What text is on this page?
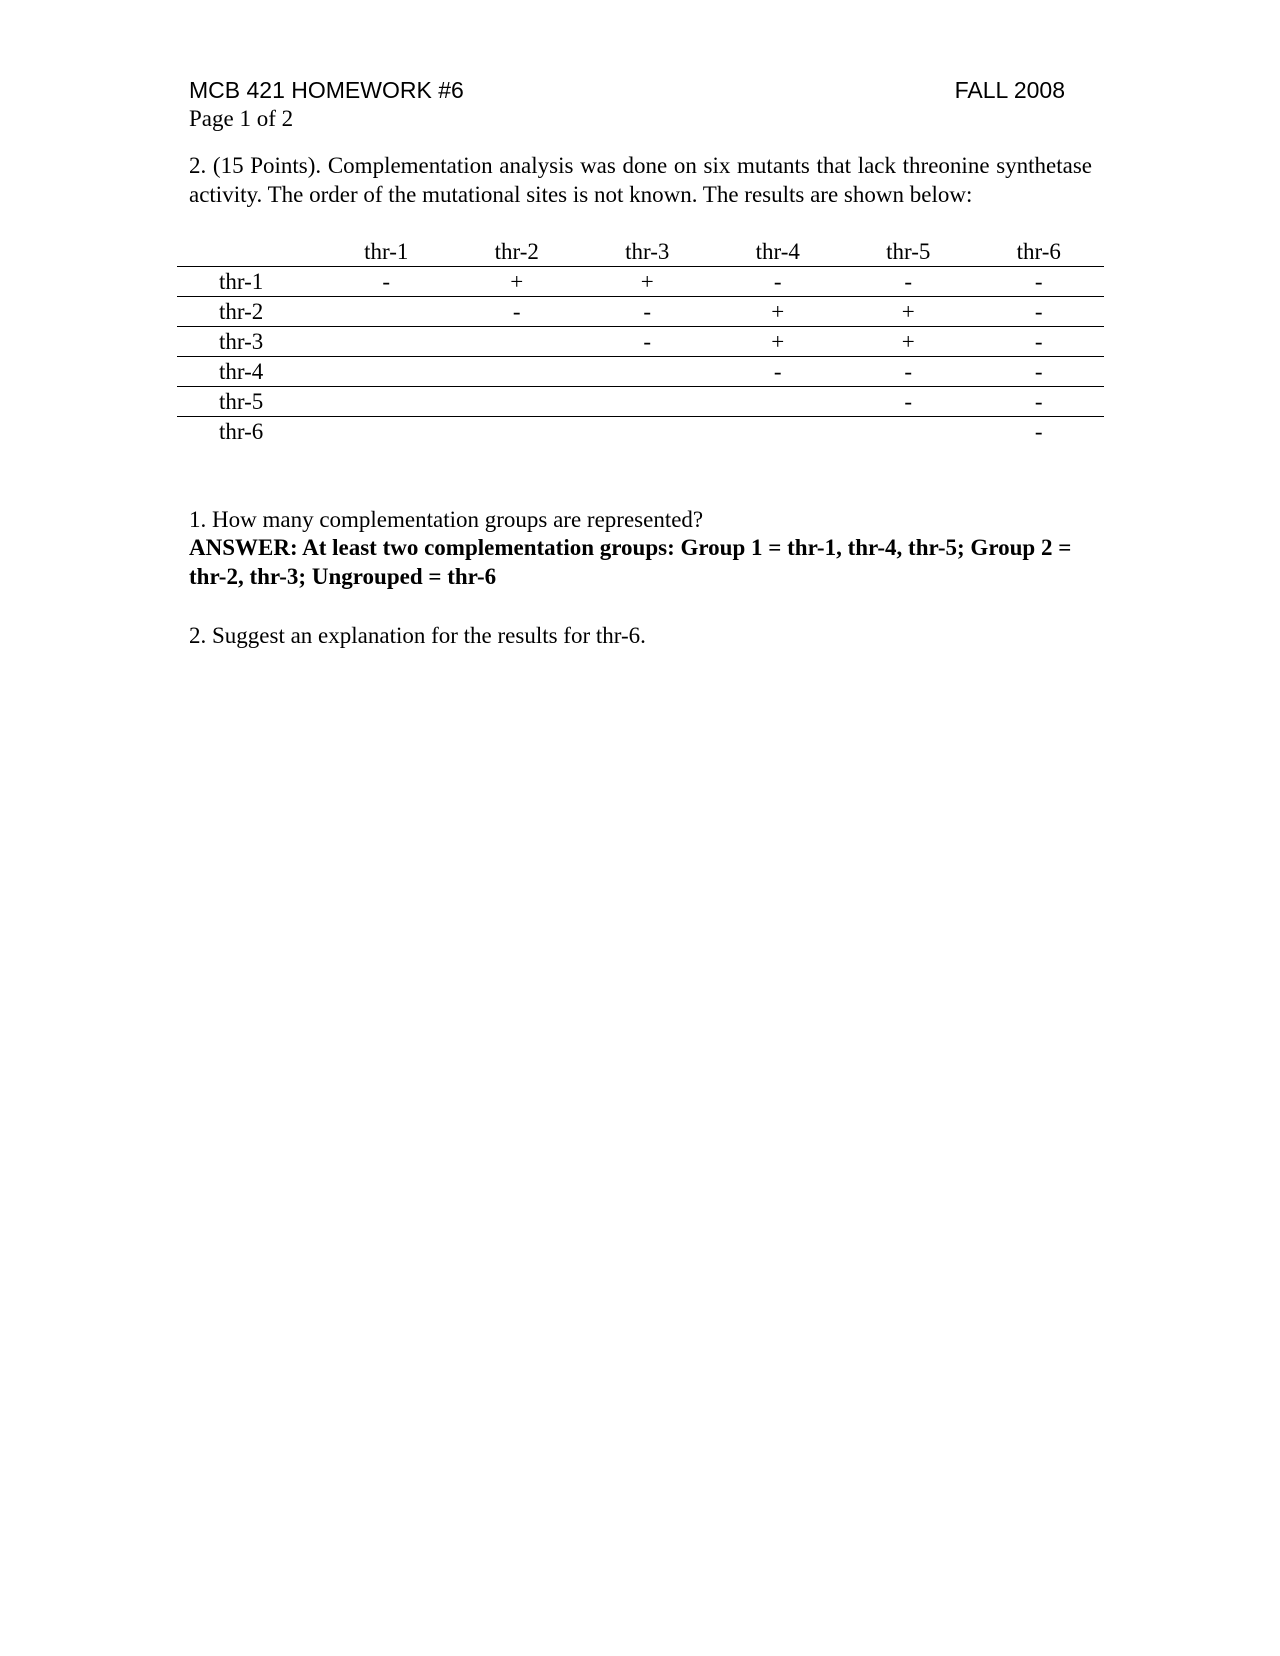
MCB 421 HOMEWORK #6	FALL 2008
Page 1 of 2

2. (15 Points). Complementation analysis was done on six mutants that lack threonine synthetase activity. The order of the mutational sites is not known. The results are shown below:

	thr-1	thr-2	thr-3	thr-4	thr-5	thr-6
thr-1	-	+	+	-	-	-
thr-2		-	-	+	+	-
thr-3			-	+	+	-
thr-4				-	-	-
thr-5					-	-
thr-6						-

1. How many complementation groups are represented?

ANSWER: At least two complementation groups: Group 1 = thr-1, thr-4, thr-5; Group 2 = thr-2, thr-3; Ungrouped = thr-6

2. Suggest an explanation for the results for thr-6.
